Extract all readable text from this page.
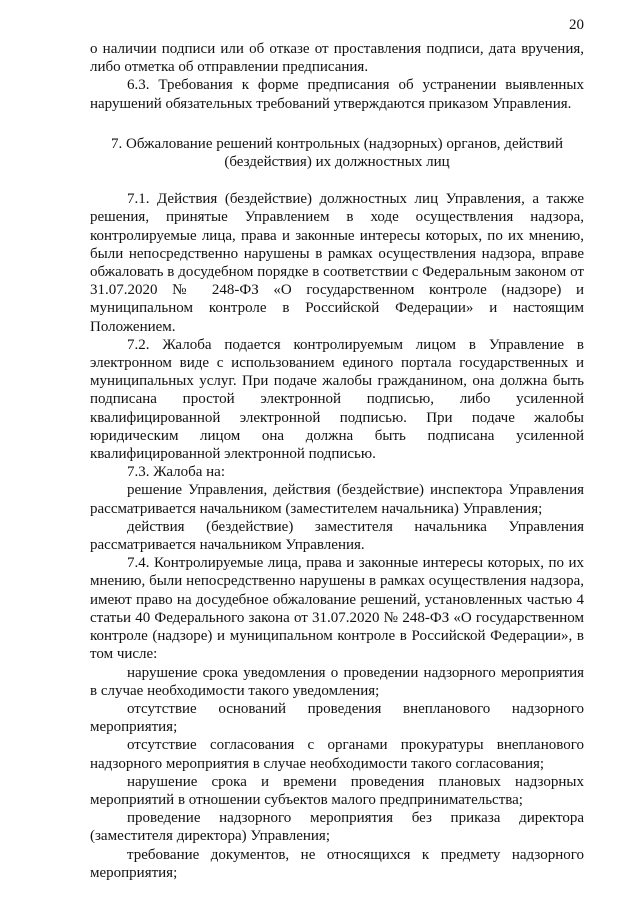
20

о наличии подписи или об отказе от проставления подписи, дата вручения, либо отметка об отправлении предписания.

6.3. Требования к форме предписания об устранении выявленных нарушений обязательных требований утверждаются приказом Управления.

7. Обжалование решений контрольных (надзорных) органов, действий (бездействия) их должностных лиц

7.1. Действия (бездействие) должностных лиц Управления, а также решения, принятые Управлением в ходе осуществления надзора, контролируемые лица, права и законные интересы которых, по их мнению, были непосредственно нарушены в рамках осуществления надзора, вправе обжаловать в досудебном порядке в соответствии с Федеральным законом от 31.07.2020 № 248-ФЗ «О государственном контроле (надзоре) и муниципальном контроле в Российской Федерации» и настоящим Положением.

7.2. Жалоба подается контролируемым лицом в Управление в электронном виде с использованием единого портала государственных и муниципальных услуг. При подаче жалобы гражданином, она должна быть подписана простой электронной подписью, либо усиленной квалифицированной электронной подписью. При подаче жалобы юридическим лицом она должна быть подписана усиленной квалифицированной электронной подписью.

7.3. Жалоба на:

решение Управления, действия (бездействие) инспектора Управления рассматривается начальником (заместителем начальника) Управления;

действия (бездействие) заместителя начальника Управления рассматривается начальником Управления.

7.4. Контролируемые лица, права и законные интересы которых, по их мнению, были непосредственно нарушены в рамках осуществления надзора, имеют право на досудебное обжалование решений, установленных частью 4 статьи 40 Федерального закона от 31.07.2020 № 248-ФЗ «О государственном контроле (надзоре) и муниципальном контроле в Российской Федерации», в том числе:

нарушение срока уведомления о проведении надзорного мероприятия в случае необходимости такого уведомления;

отсутствие оснований проведения внепланового надзорного мероприятия;

отсутствие согласования с органами прокуратуры внепланового надзорного мероприятия в случае необходимости такого согласования;

нарушение срока и времени проведения плановых надзорных мероприятий в отношении субъектов малого предпринимательства;

проведение надзорного мероприятия без приказа директора (заместителя директора) Управления;

требование документов, не относящихся к предмету надзорного мероприятия;
